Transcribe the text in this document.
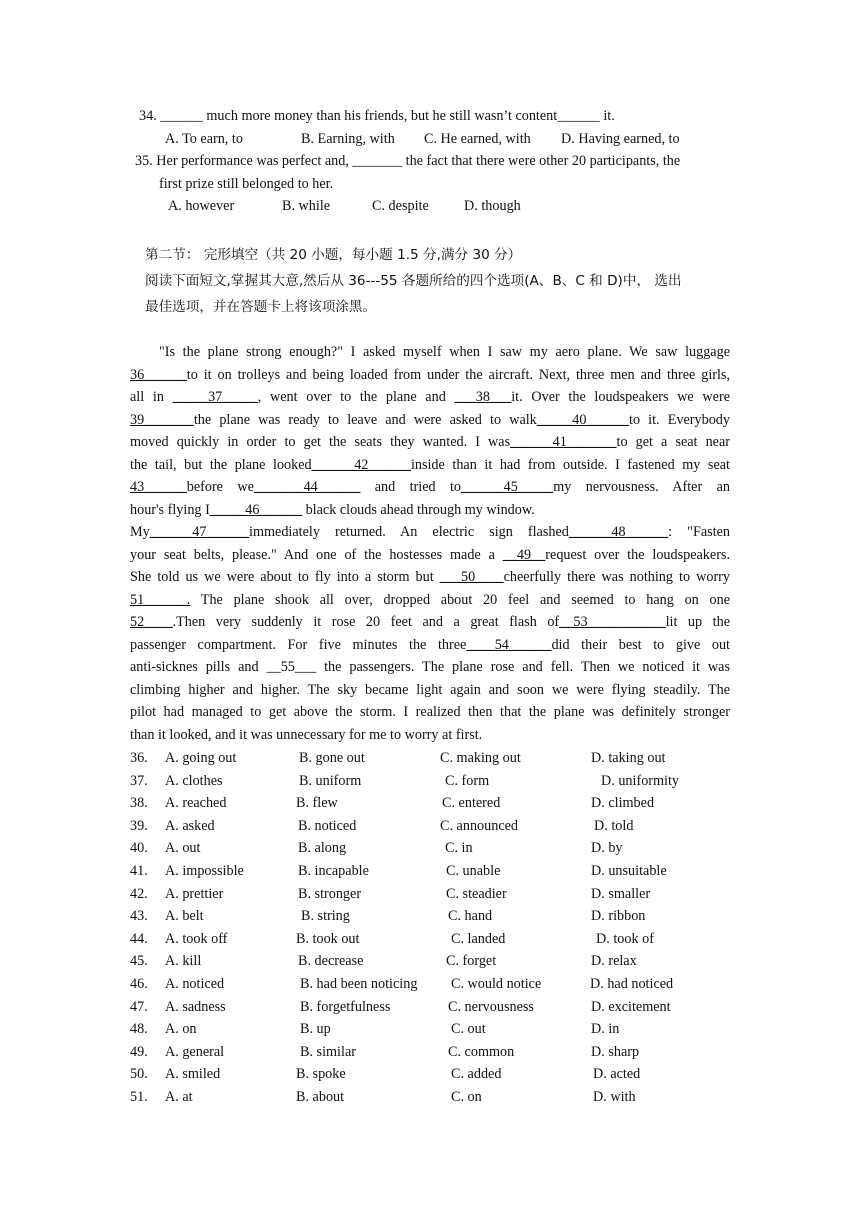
34. ______ much more money than his friends, but he still wasn’t content______ it.
A. To earn, to	B. Earning, with C. He earned, with D. Having earned, to
35. Her performance was perfect and, _______ the fact that there were other 20 participants, the
first prize still belonged to her.
A. however	B. while	C. despite D. though
第二节： 完形填空（共 20 小题，每小题 1.5 分,满分 30 分）
阅读下面短文,掌握其大意,然后从 36---55 各题所给的四个选项(A、B、C 和 D)中， 选出
最佳选项，并在答题卡上将该项涂黑。
"Is the plane strong enough?" I asked myself when I saw my aero plane. We saw luggage
36______to it on trolleys and being loaded from under the aircraft. Next, three men and three girls,
all in _____37_____, went over to the plane and ___38___it. Over the loudspeakers we were
39_______the plane was ready to leave and were asked to walk_____40______to it. Everybody
moved quickly in order to get the seats they wanted. I was______41_______to get a seat near
the tail, but the plane looked______42______inside than it had from outside. I fastened my seat
43______before we_______44______ and tried to______45_____my nervousness. After an
hour's flying I_____46______ black clouds ahead through my window.
My______47______immediately returned. An electric sign flashed______48______: "Fasten
your seat belts, please." And one of the hostesses made a __49__request over the loudspeakers.
She told us we were about to fly into a storm but ___50____cheerfully there was nothing to worry
51______. The plane shook all over, dropped about 20 feel and seemed to hang on one
52____.Then very suddenly it rose 20 feet and a great flash of__53___________lit up the
passenger compartment. For five minutes the three____54______did their best to give out
anti-sicknes pills and __55___ the passengers. The plane rose and fell. Then we noticed it was
climbing higher and higher. The sky became light again and soon we were flying steadily. The
pilot had managed to get above the storm. I realized then that the plane was definitely stronger
than it looked, and it was unnecessary for me to worry at first.
36. A. going out	B. gone out	C. making out	D. taking out
37. A. clothes	B. uniform	C. form	D. uniformity
38. A. reached	B. flew	C. entered	D. climbed
39. A. asked	B. noticed	C. announced	D. told
40. A. out	B. along	C. in	D. by
41. A. impossible	B. incapable	C. unable	D. unsuitable
42. A. prettier	B. stronger	C. steadier	D. smaller
43. A. belt	B. string	C. hand	D. ribbon
44. A. took off	B. took out	C. landed	D. took of
45. A. kill	B. decrease	C. forget	D. relax
46. A. noticed	B. had been noticing C. would notice	D. had noticed
47. A. sadness	B. forgetfulness	C. nervousness	D. excitement
48. A. on	B. up	C. out	D. in
49. A. general	B. similar	C. common	D. sharp
50. A. smiled	B. spoke	C. added	D. acted
51. A. at	B. about	C. on	D. with
